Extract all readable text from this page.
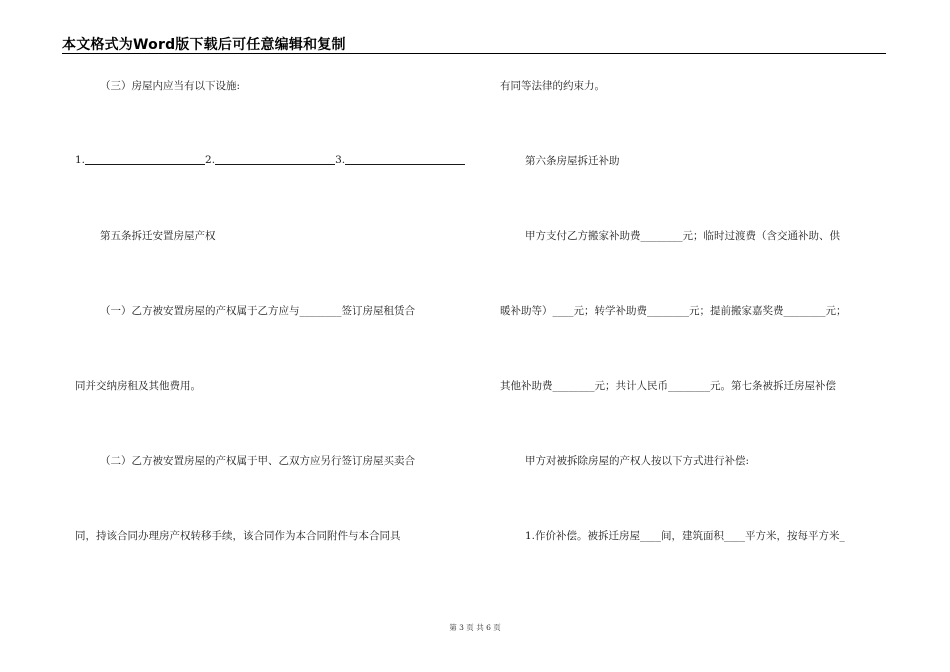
本文格式为Word版下载后可任意编辑和复制
（三）房屋内应当有以下设施:
1.	2.	3.
第五条拆迁安置房屋产权
（一）乙方被安置房屋的产权属于乙方应与________签订房屋租赁合
同并交纳房租及其他费用。
（二）乙方被安置房屋的产权属于甲、乙双方应另行签订房屋买卖合
同，持该合同办理房产权转移手续，该合同作为本合同附件与本合同具
有同等法律的约束力。
第六条房屋拆迁补助
甲方支付乙方搬家补助费________元；临时过渡费（含交通补助、供
暖补助等）____元；转学补助费________元；提前搬家嘉奖费________元；
其他补助费________元；共计人民币________元。第七条被拆迁房屋补偿
甲方对被拆除房屋的产权人按以下方式进行补偿:
1.作价补偿。被拆迁房屋____间，建筑面积____平方米，按每平方米_
第 3 页 共 6 页
